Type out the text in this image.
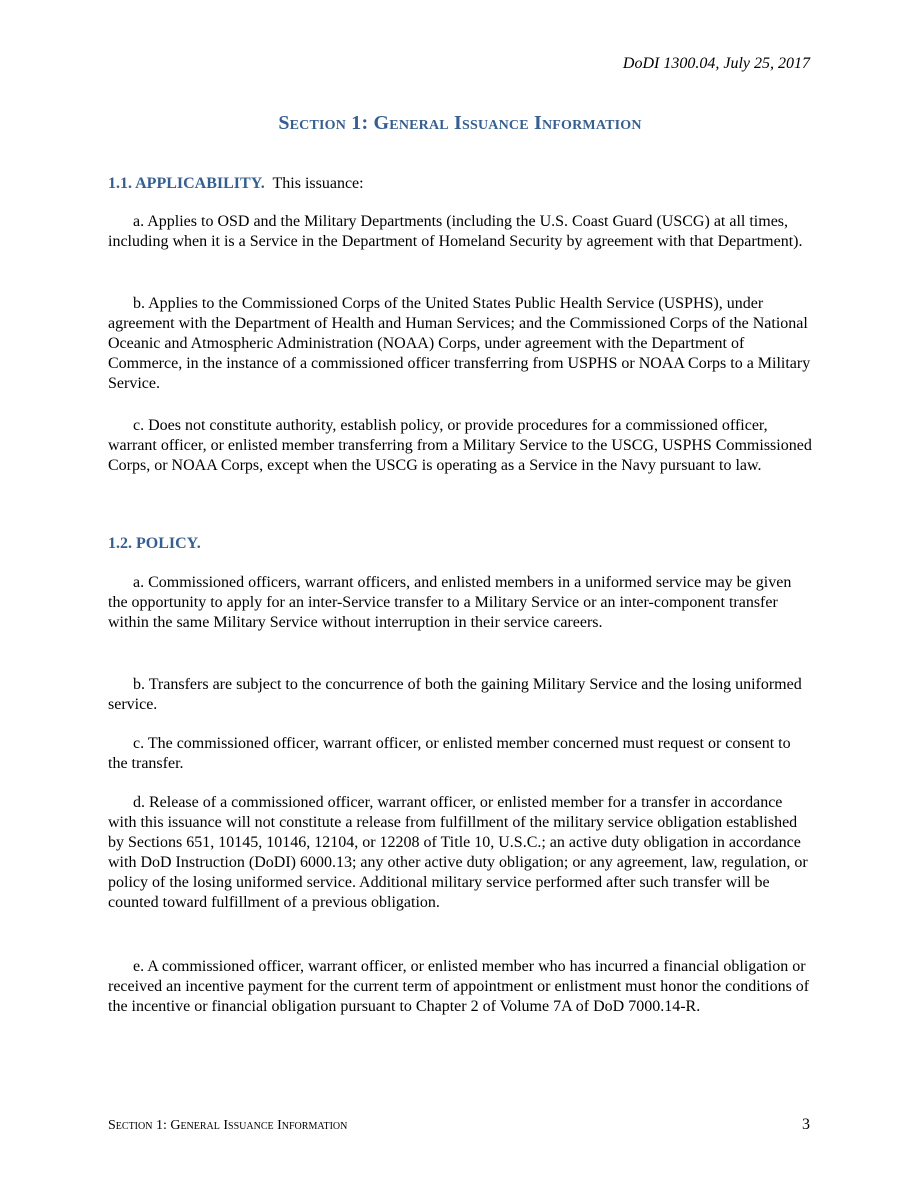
DoDI 1300.04, July 25, 2017
Section 1: General Issuance Information
1.1. APPLICABILITY. This issuance:

a. Applies to OSD and the Military Departments (including the U.S. Coast Guard (USCG) at all times, including when it is a Service in the Department of Homeland Security by agreement with that Department).

b. Applies to the Commissioned Corps of the United States Public Health Service (USPHS), under agreement with the Department of Health and Human Services; and the Commissioned Corps of the National Oceanic and Atmospheric Administration (NOAA) Corps, under agreement with the Department of Commerce, in the instance of a commissioned officer transferring from USPHS or NOAA Corps to a Military Service.

c. Does not constitute authority, establish policy, or provide procedures for a commissioned officer, warrant officer, or enlisted member transferring from a Military Service to the USCG, USPHS Commissioned Corps, or NOAA Corps, except when the USCG is operating as a Service in the Navy pursuant to law.

1.2. POLICY.

a. Commissioned officers, warrant officers, and enlisted members in a uniformed service may be given the opportunity to apply for an inter-Service transfer to a Military Service or an inter-component transfer within the same Military Service without interruption in their service careers.

b. Transfers are subject to the concurrence of both the gaining Military Service and the losing uniformed service.

c. The commissioned officer, warrant officer, or enlisted member concerned must request or consent to the transfer.

d. Release of a commissioned officer, warrant officer, or enlisted member for a transfer in accordance with this issuance will not constitute a release from fulfillment of the military service obligation established by Sections 651, 10145, 10146, 12104, or 12208 of Title 10, U.S.C.; an active duty obligation in accordance with DoD Instruction (DoDI) 6000.13; any other active duty obligation; or any agreement, law, regulation, or policy of the losing uniformed service. Additional military service performed after such transfer will be counted toward fulfillment of a previous obligation.

e. A commissioned officer, warrant officer, or enlisted member who has incurred a financial obligation or received an incentive payment for the current term of appointment or enlistment must honor the conditions of the incentive or financial obligation pursuant to Chapter 2 of Volume 7A of DoD 7000.14-R.

Section 1: General Issuance Information	3
